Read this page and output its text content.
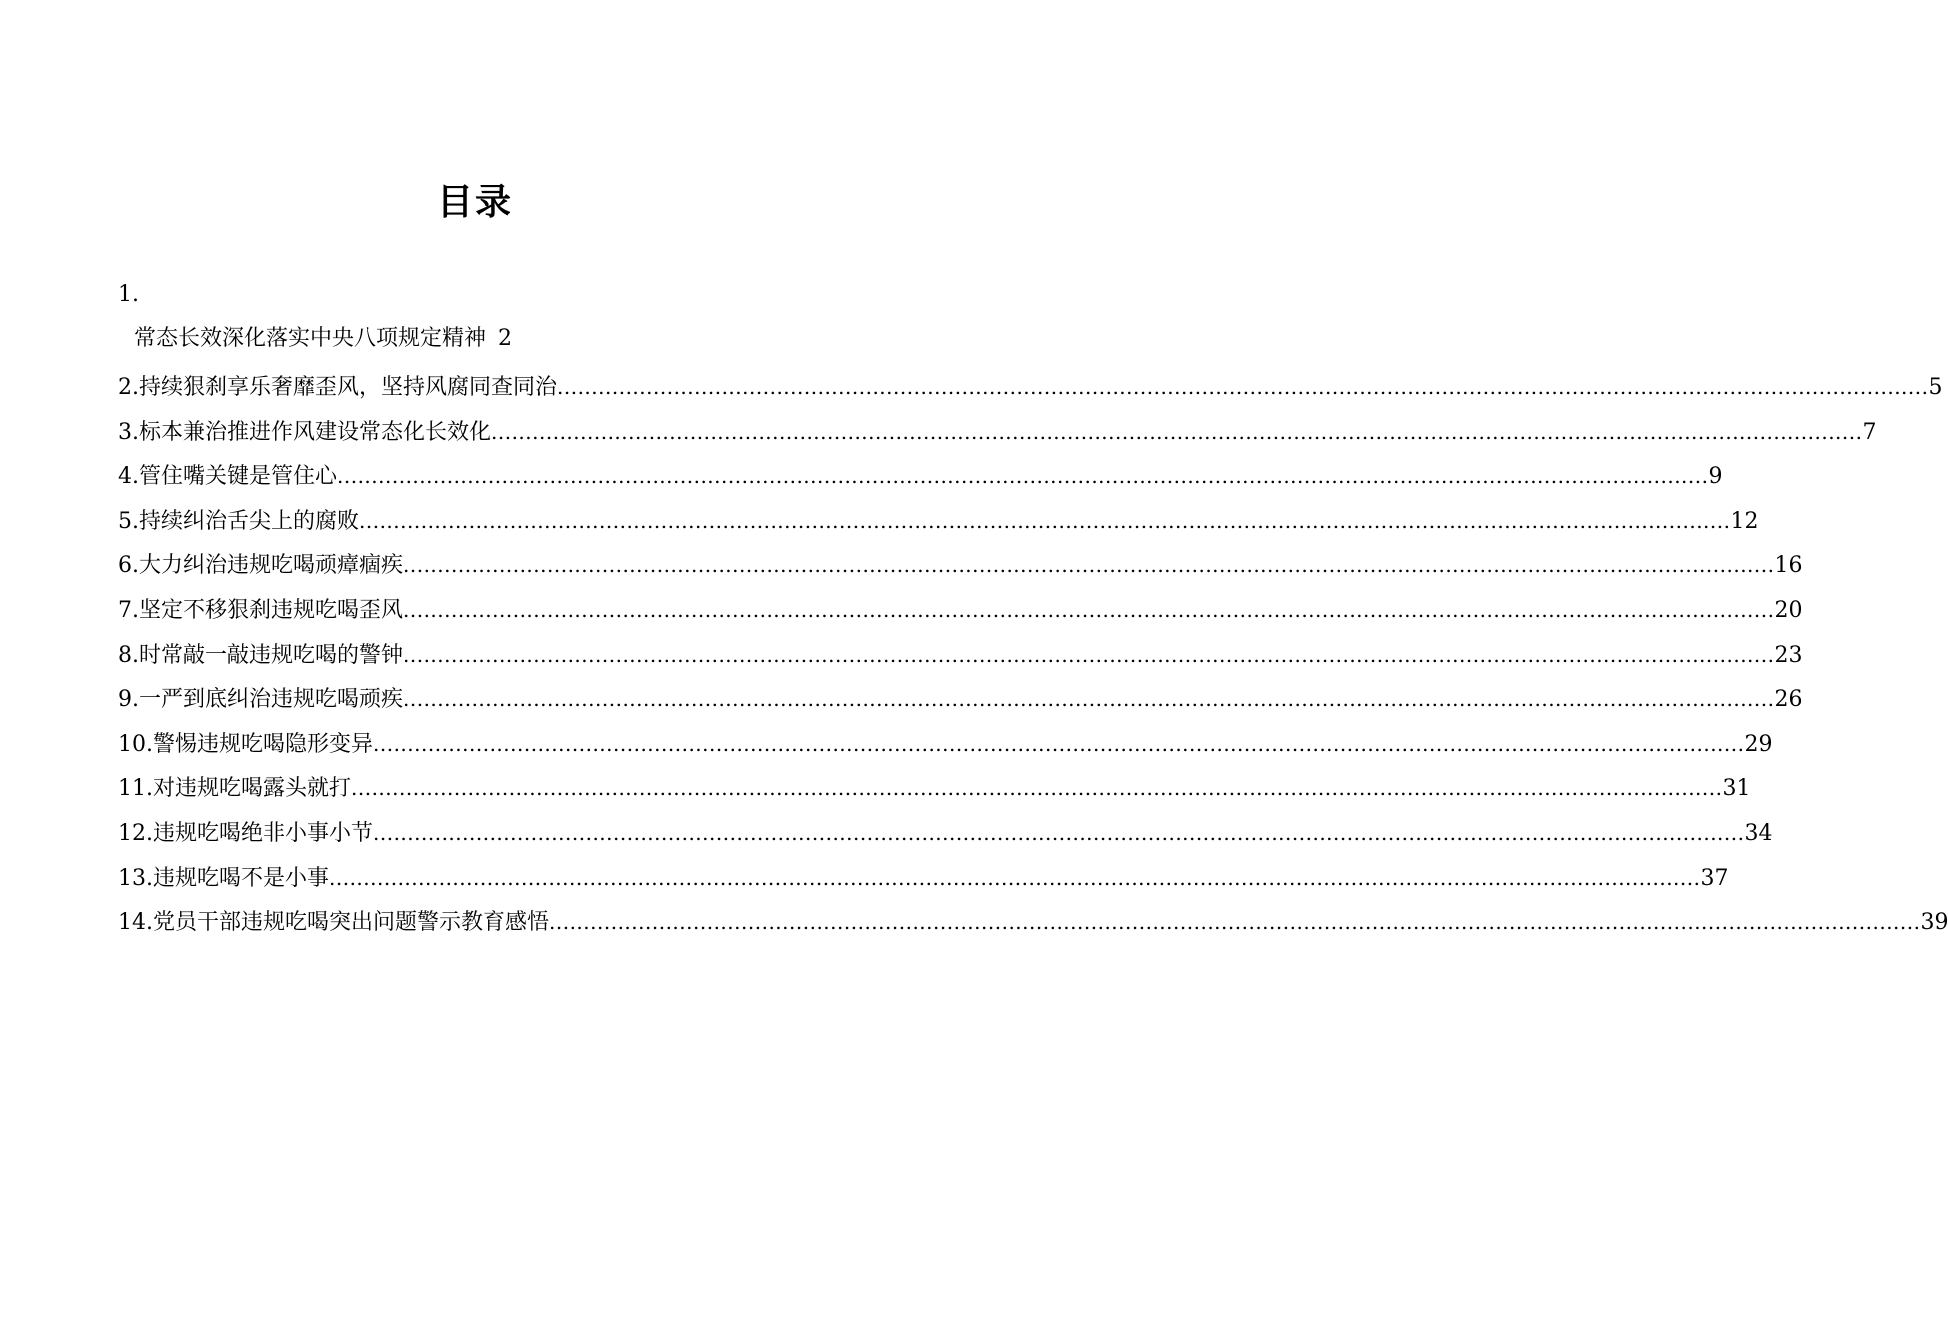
目录
1.
常态长效深化落实中央八项规定精神 2
2.持续狠刹享乐奢靡歪风，坚持风腐同查同治 ........................................................................................................................................................................................................ 5
3.标本兼治推进作风建设常态化长效化 ........................................................................................................................................................................................................ 7
4.管住嘴关键是管住心 ........................................................................................................................................................................................................ 9
5.持续纠治舌尖上的腐败 ........................................................................................................................................................................................................ 12
6.大力纠治违规吃喝顽瘴痼疾 ........................................................................................................................................................................................................ 16
7.坚定不移狠刹违规吃喝歪风 ........................................................................................................................................................................................................ 20
8.时常敲一敲违规吃喝的警钟 ........................................................................................................................................................................................................ 23
9.一严到底纠治违规吃喝顽疾 ........................................................................................................................................................................................................ 26
10.警惕违规吃喝隐形变异 ........................................................................................................................................................................................................ 29
11.对违规吃喝露头就打 ........................................................................................................................................................................................................ 31
12.违规吃喝绝非小事小节 ........................................................................................................................................................................................................ 34
13.违规吃喝不是小事 ........................................................................................................................................................................................................ 37
14.党员干部违规吃喝突出问题警示教育感悟 ........................................................................................................................................................................................................ 39
